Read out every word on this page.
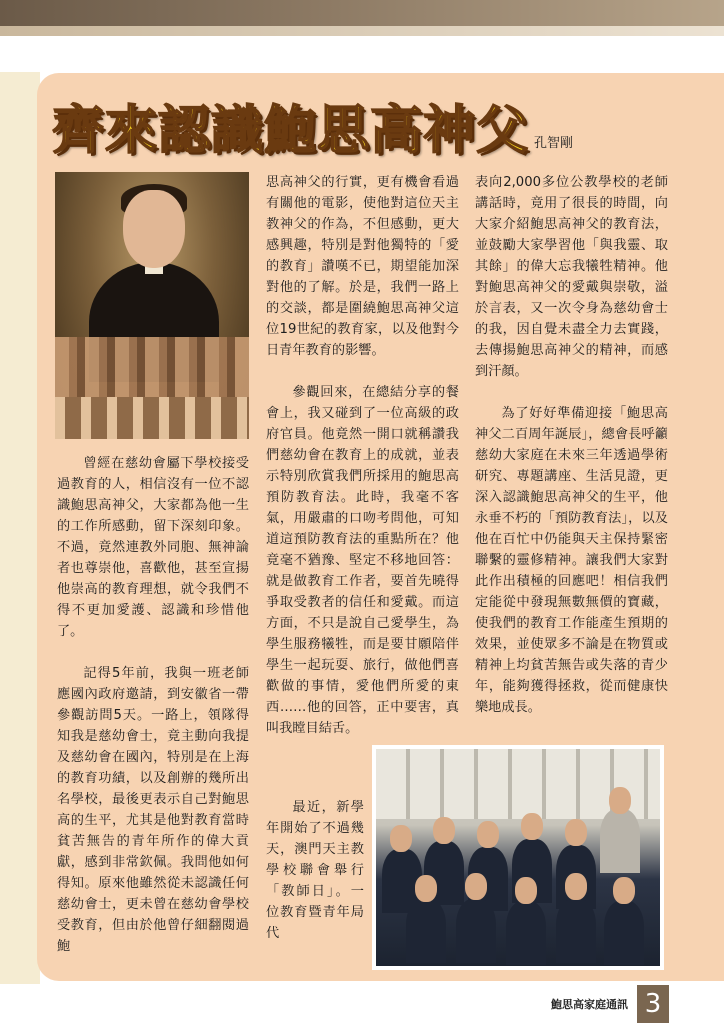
齊來認識鮑思高神父 孔智剛

曾經在慈幼會屬下學校接受過教育的人，相信沒有一位不認識鮑思高神父，大家都為他一生的工作所感動，留下深刻印象。不過，竟然連教外同胞、無神論者也尊崇他，喜歡他，甚至宣揚他崇高的教育理想，就令我們不得不更加愛護、認識和珍惜他了。

記得5年前，我與一班老師應國內政府邀請，到安徽省一帶參觀訪問5天。一路上，領隊得知我是慈幼會士，竟主動向我提及慈幼會在國內，特別是在上海的教育功績，以及創辦的幾所出名學校，最後更表示自己對鮑思高的生平，尤其是他對教育當時貧苦無告的青年所作的偉大貢獻，感到非常欽佩。我問他如何得知。原來他雖然從未認識任何慈幼會士，更未曾在慈幼會學校受教育，但由於他曾仔細翻閱過鮑

思高神父的行實，更有機會看過有關他的電影，使他對這位天主教神父的作為，不但感動，更大感興趣，特別是對他獨特的「愛的教育」讚嘆不已，期望能加深對他的了解。於是，我們一路上的交談，都是圍繞鮑思高神父這位19世紀的教育家，以及他對今日青年教育的影響。

參觀回來，在總結分享的餐會上，我又碰到了一位高級的政府官員。他竟然一開口就稱讚我們慈幼會在教育上的成就，並表示特別欣賞我們所採用的鮑思高預防教育法。此時，我毫不客氣，用嚴肅的口吻考問他，可知道這預防教育法的重點所在？他竟毫不猶豫、堅定不移地回答：就是做教育工作者，要首先曉得爭取受教者的信任和愛戴。而這方面，不只是說自己愛學生，為學生服務犧牲，而是要甘願陪伴學生一起玩耍、旅行，做他們喜歡做的事情，愛他們所愛的東西……他的回答，正中要害，真叫我瞠目結舌。

最近，新學年開始了不過幾天，澳門天主教學校聯會舉行「教師日」。一位教育暨青年局代

表向2,000多位公教學校的老師講話時，竟用了很長的時間，向大家介紹鮑思高神父的教育法，並鼓勵大家學習他「與我靈、取其餘」的偉大忘我犧牲精神。他對鮑思高神父的愛戴與崇敬，溢於言表，又一次令身為慈幼會士的我，因自覺未盡全力去實踐，去傳揚鮑思高神父的精神，而感到汗顏。

為了好好準備迎接「鮑思高神父二百周年誕辰」，總會長呼籲慈幼大家庭在未來三年透過學術研究、專題講座、生活見證，更深入認識鮑思高神父的生平，他永垂不朽的「預防教育法」，以及他在百忙中仍能與天主保持緊密聯繫的靈修精神。讓我們大家對此作出積極的回應吧！相信我們定能從中發現無數無價的寶藏，使我們的教育工作能產生預期的效果，並使眾多不論是在物質或精神上均貧苦無告或失落的青少年，能夠獲得拯救，從而健康快樂地成長。

鮑思高家庭通訊 3
